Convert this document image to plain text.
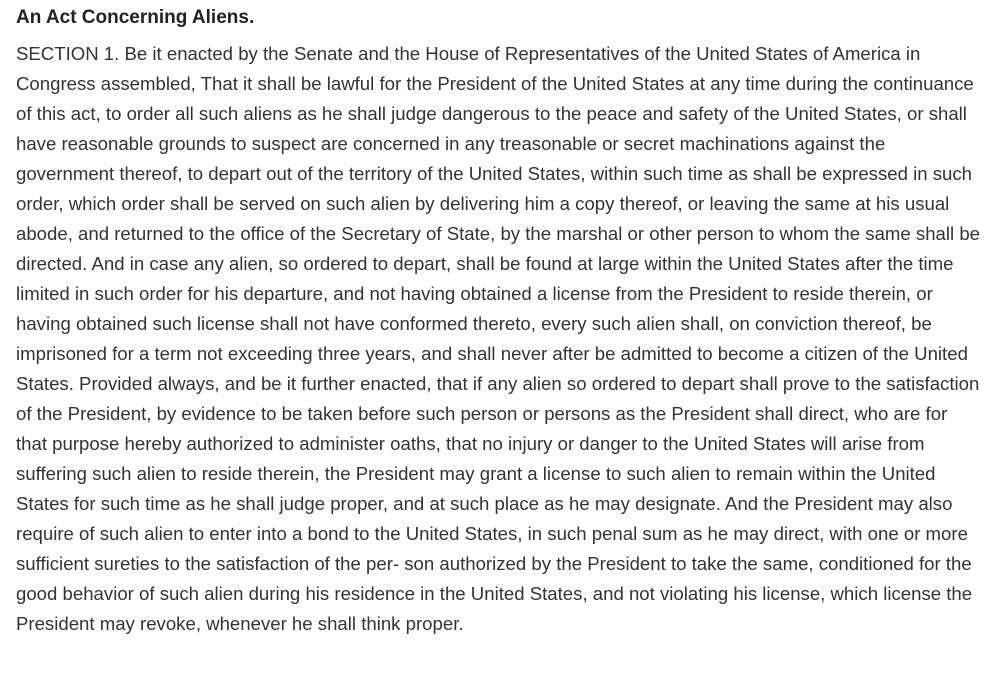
An Act Concerning Aliens.

SECTION 1. Be it enacted by the Senate and the House of Representatives of the United States of America in Congress assembled, That it shall be lawful for the President of the United States at any time during the continuance of this act, to order all such aliens as he shall judge dangerous to the peace and safety of the United States, or shall have reasonable grounds to suspect are concerned in any treasonable or secret machinations against the government thereof, to depart out of the territory of the United States, within such time as shall be expressed in such order, which order shall be served on such alien by delivering him a copy thereof, or leaving the same at his usual abode, and returned to the office of the Secretary of State, by the marshal or other person to whom the same shall be directed. And in case any alien, so ordered to depart, shall be found at large within the United States after the time limited in such order for his departure, and not having obtained a license from the President to reside therein, or having obtained such license shall not have conformed thereto, every such alien shall, on conviction thereof, be imprisoned for a term not exceeding three years, and shall never after be admitted to become a citizen of the United States. Provided always, and be it further enacted, that if any alien so ordered to depart shall prove to the satisfaction of the President, by evidence to be taken before such person or persons as the President shall direct, who are for that purpose hereby authorized to administer oaths, that no injury or danger to the United States will arise from suffering such alien to reside therein, the President may grant a license to such alien to remain within the United States for such time as he shall judge proper, and at such place as he may designate. And the President may also require of such alien to enter into a bond to the United States, in such penal sum as he may direct, with one or more sufficient sureties to the satisfaction of the per- son authorized by the President to take the same, conditioned for the good behavior of such alien during his residence in the United States, and not violating his license, which license the President may revoke, whenever he shall think proper.
